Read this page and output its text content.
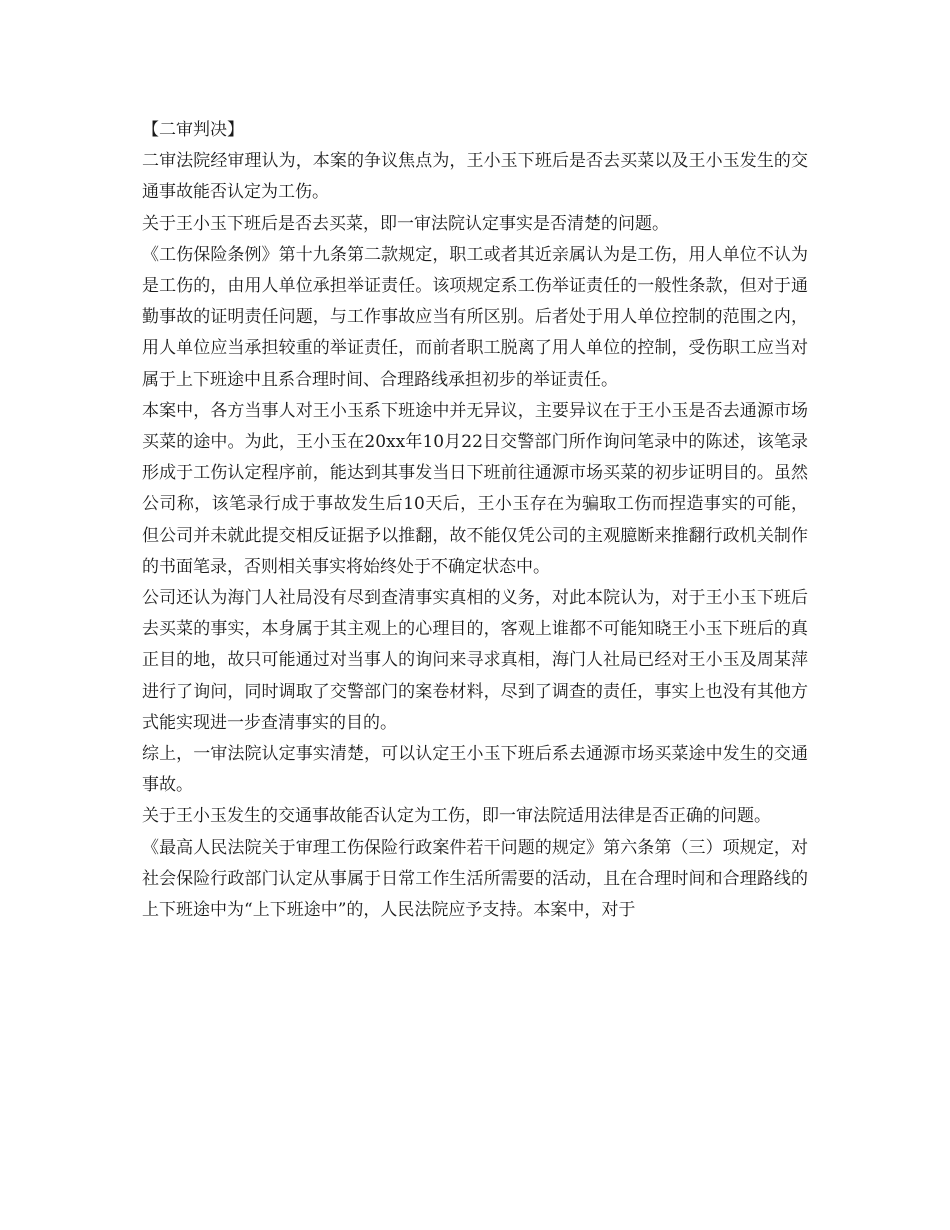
【二审判决】

二审法院经审理认为，本案的争议焦点为，王小玉下班后是否去买菜以及王小玉发生的交通事故能否认定为工伤。

关于王小玉下班后是否去买菜，即一审法院认定事实是否清楚的问题。

《工伤保险条例》第十九条第二款规定，职工或者其近亲属认为是工伤，用人单位不认为是工伤的，由用人单位承担举证责任。该项规定系工伤举证责任的一般性条款，但对于通勤事故的证明责任问题，与工作事故应当有所区别。后者处于用人单位控制的范围之内，用人单位应当承担较重的举证责任，而前者职工脱离了用人单位的控制，受伤职工应当对属于上下班途中且系合理时间、合理路线承担初步的举证责任。

本案中，各方当事人对王小玉系下班途中并无异议，主要异议在于王小玉是否去通源市场买菜的途中。为此，王小玉在20xx年10月22日交警部门所作询问笔录中的陈述，该笔录形成于工伤认定程序前，能达到其事发当日下班前往通源市场买菜的初步证明目的。虽然公司称，该笔录行成于事故发生后10天后，王小玉存在为骗取工伤而捏造事实的可能，但公司并未就此提交相反证据予以推翻，故不能仅凭公司的主观臆断来推翻行政机关制作的书面笔录，否则相关事实将始终处于不确定状态中。

公司还认为海门人社局没有尽到查清事实真相的义务，对此本院认为，对于王小玉下班后去买菜的事实，本身属于其主观上的心理目的，客观上谁都不可能知晓王小玉下班后的真正目的地，故只可能通过对当事人的询问来寻求真相，海门人社局已经对王小玉及周某萍进行了询问，同时调取了交警部门的案卷材料，尽到了调查的责任，事实上也没有其他方式能实现进一步查清事实的目的。

综上，一审法院认定事实清楚，可以认定王小玉下班后系去通源市场买菜途中发生的交通事故。

关于王小玉发生的交通事故能否认定为工伤，即一审法院适用法律是否正确的问题。

《最高人民法院关于审理工伤保险行政案件若干问题的规定》第六条第（三）项规定，对社会保险行政部门认定从事属于日常工作生活所需要的活动，且在合理时间和合理路线的上下班途中为“上下班途中”的，人民法院应予支持。本案中，对于
